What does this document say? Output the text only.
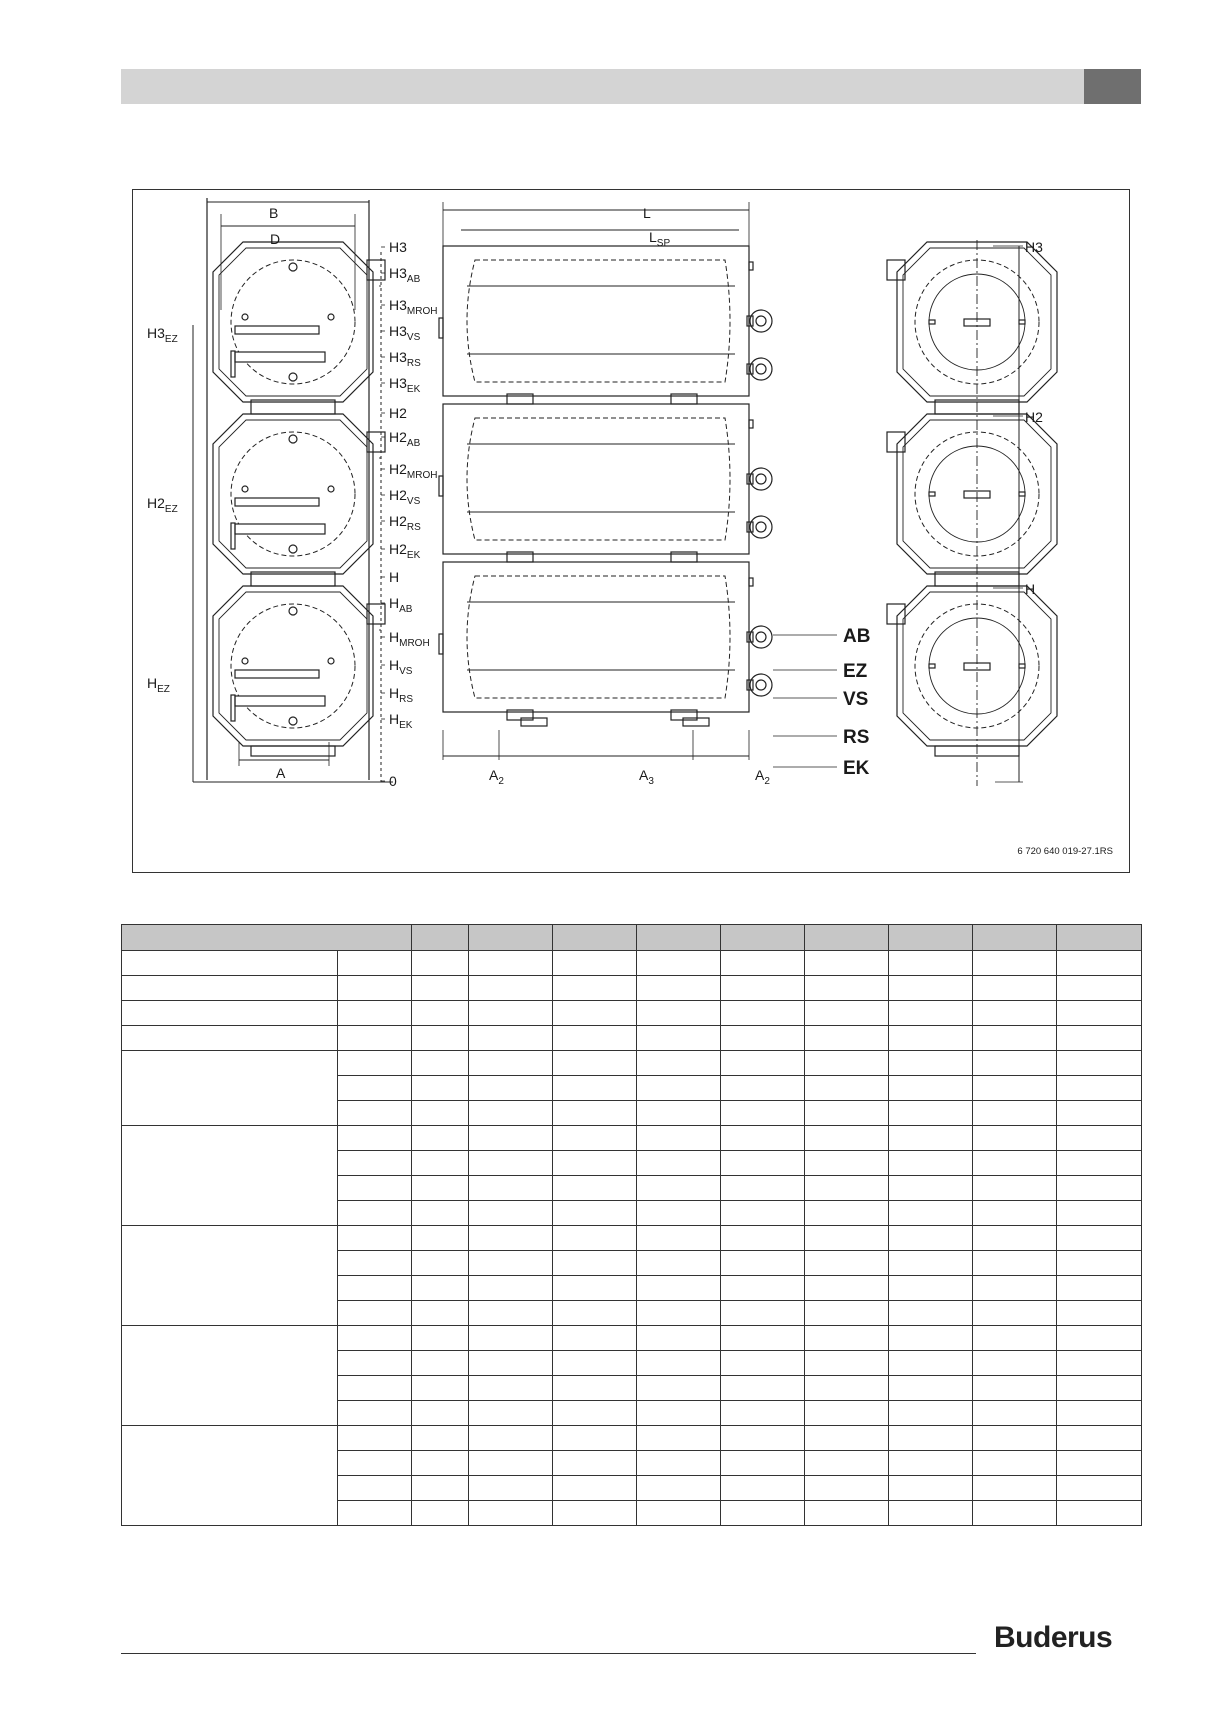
B
D
A
$H3_{EZ}$
$H2_{EZ}$
$H_{EZ}$
H3
$H3_{AB}$
$H3_{MROH}$
$H3_{VS}$
$H3_{RS}$
$H3_{EK}$
H2
$H2_{AB}$
$H2_{MROH}$
$H2_{VS}$
$H2_{RS}$
$H2_{EK}$
H
$H_{AB}$
$H_{MROH}$
$H_{VS}$
$H_{RS}$
$H_{EK}$
0
L
$L_{SP}$
$A_2$	$A_3$	$A_2$
AB
EZ
VS
RS
EK
H3
H2
H
6 720 640 019-27.1RS

Buderus
